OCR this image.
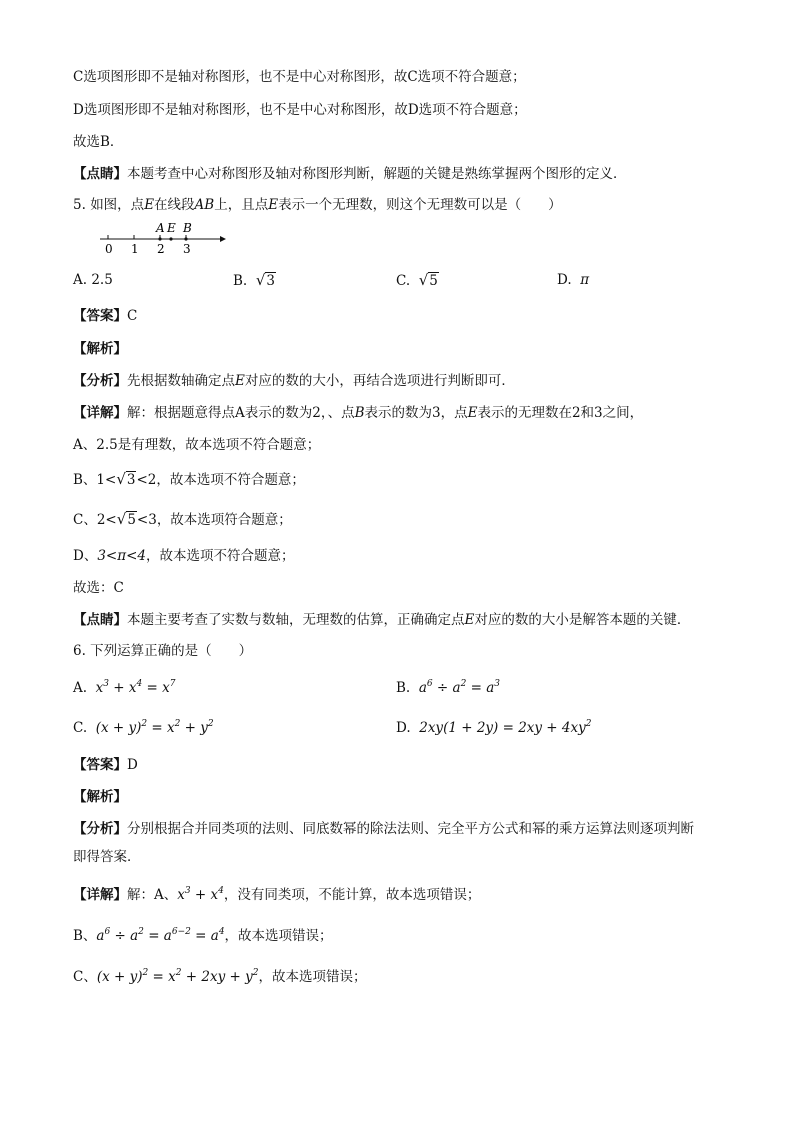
C选项图形即不是轴对称图形，也不是中心对称图形，故C选项不符合题意；
D选项图形即不是轴对称图形，也不是中心对称图形，故D选项不符合题意；
故选B．
【点睛】本题考查中心对称图形及轴对称图形判断，解题的关键是熟练掌握两个图形的定义．
5. 如图，点E在线段AB上，且点E表示一个无理数，则这个无理数可以是（　　）
A E B
0 1 2 3
A. 2.5	B. √3	C. √5	D. π
【答案】C
【解析】
【分析】先根据数轴确定点E对应的数的大小，再结合选项进行判断即可．
【详解】解：根据题意得点A表示的数为2，、点B表示的数为3，点E表示的无理数在2和3之间，
A、2.5是有理数，故本选项不符合题意；
B、1<√3<2，故本选项不符合题意；
C、2<√5<3，故本选项符合题意；
D、3<π<4，故本选项不符合题意；
故选：C
【点睛】本题主要考查了实数与数轴，无理数的估算，正确确定点E对应的数的大小是解答本题的关键．
6. 下列运算正确的是（　　）
A. $x^3 + x^4 = x^7$	B. $a^6 \div a^2 = a^3$
C. $(x + y)^2 = x^2 + y^2$	D. $2xy(1 + 2y) = 2xy + 4xy^2$
【答案】D
【解析】
【分析】分别根据合并同类项的法则、同底数幂的除法法则、完全平方公式和幂的乘方运算法则逐项判断
即得答案．
【详解】解：A、$x^3 + x^4$，没有同类项，不能计算，故本选项错误；
B、$a^6 \div a^2 = a^{6-2} = a^4$，故本选项错误；
C、$(x + y)^2 = x^2 + 2xy + y^2$，故本选项错误；
